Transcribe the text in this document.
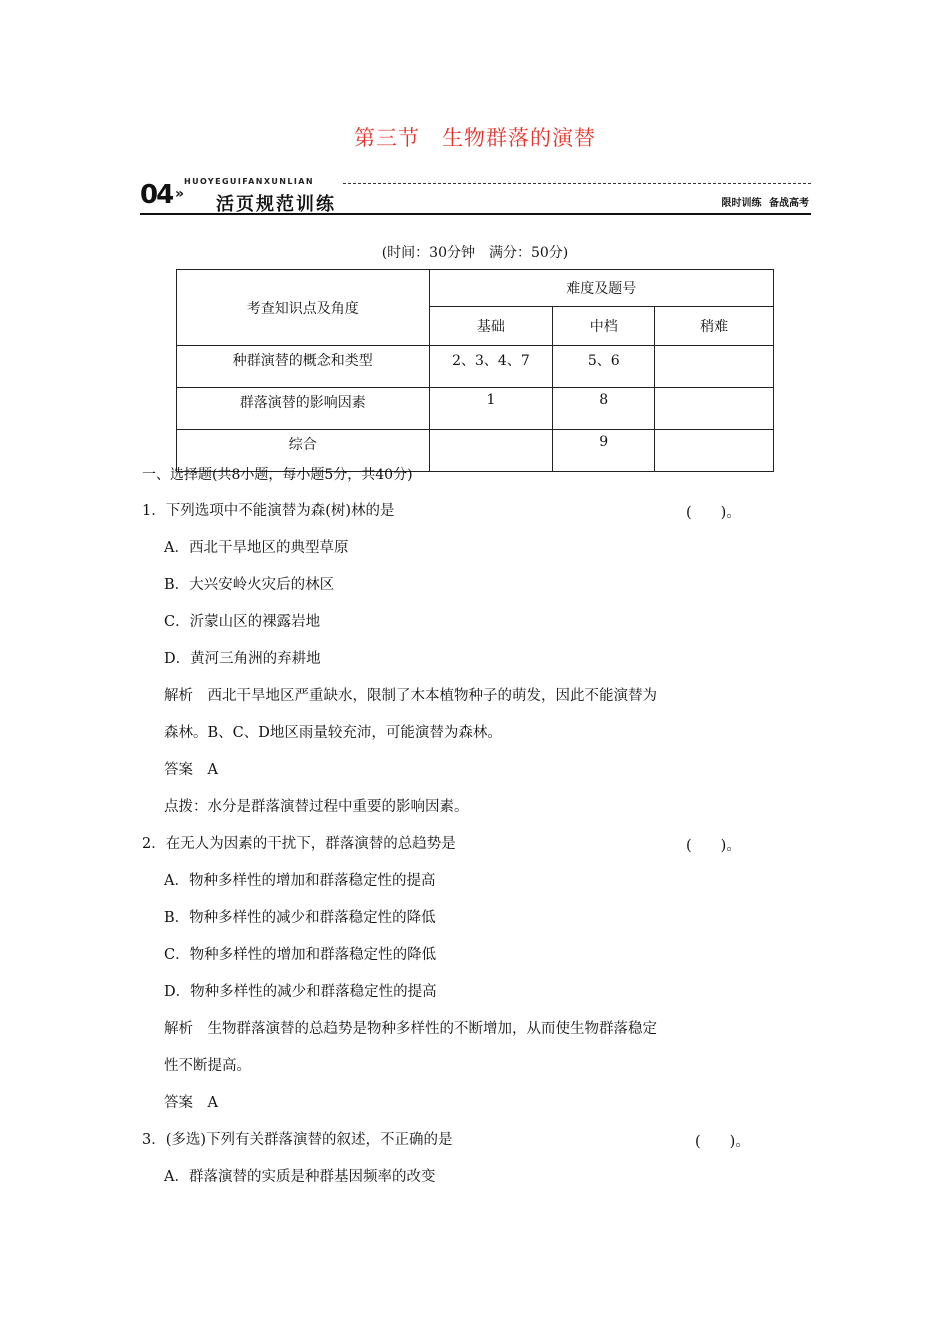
第三节　生物群落的演替
HUOYEGUIFANXUNLIAN
04 » 活页规范训练	限时训练 备战高考
(时间：30分钟　满分：50分)
考查知识点及角度	难度及题号		
	基础	中档	稍难
种群演替的概念和类型	2、3、4、7	5、6	
群落演替的影响因素	1	8	
综合		9	
一、选择题(共8小题，每小题5分，共40分)
1．下列选项中不能演替为森(树)林的是	(　　)。
A．西北干旱地区的典型草原
B．大兴安岭火灾后的林区
C．沂蒙山区的裸露岩地
D．黄河三角洲的弃耕地
解析　西北干旱地区严重缺水，限制了木本植物种子的萌发，因此不能演替为
森林。B、C、D地区雨量较充沛，可能演替为森林。
答案　A
点拨：水分是群落演替过程中重要的影响因素。
2．在无人为因素的干扰下，群落演替的总趋势是	(　　)。
A．物种多样性的增加和群落稳定性的提高
B．物种多样性的减少和群落稳定性的降低
C．物种多样性的增加和群落稳定性的降低
D．物种多样性的减少和群落稳定性的提高
解析　生物群落演替的总趋势是物种多样性的不断增加，从而使生物群落稳定
性不断提高。
答案　A
3．(多选)下列有关群落演替的叙述，不正确的是	(　　)。
A．群落演替的实质是种群基因频率的改变
